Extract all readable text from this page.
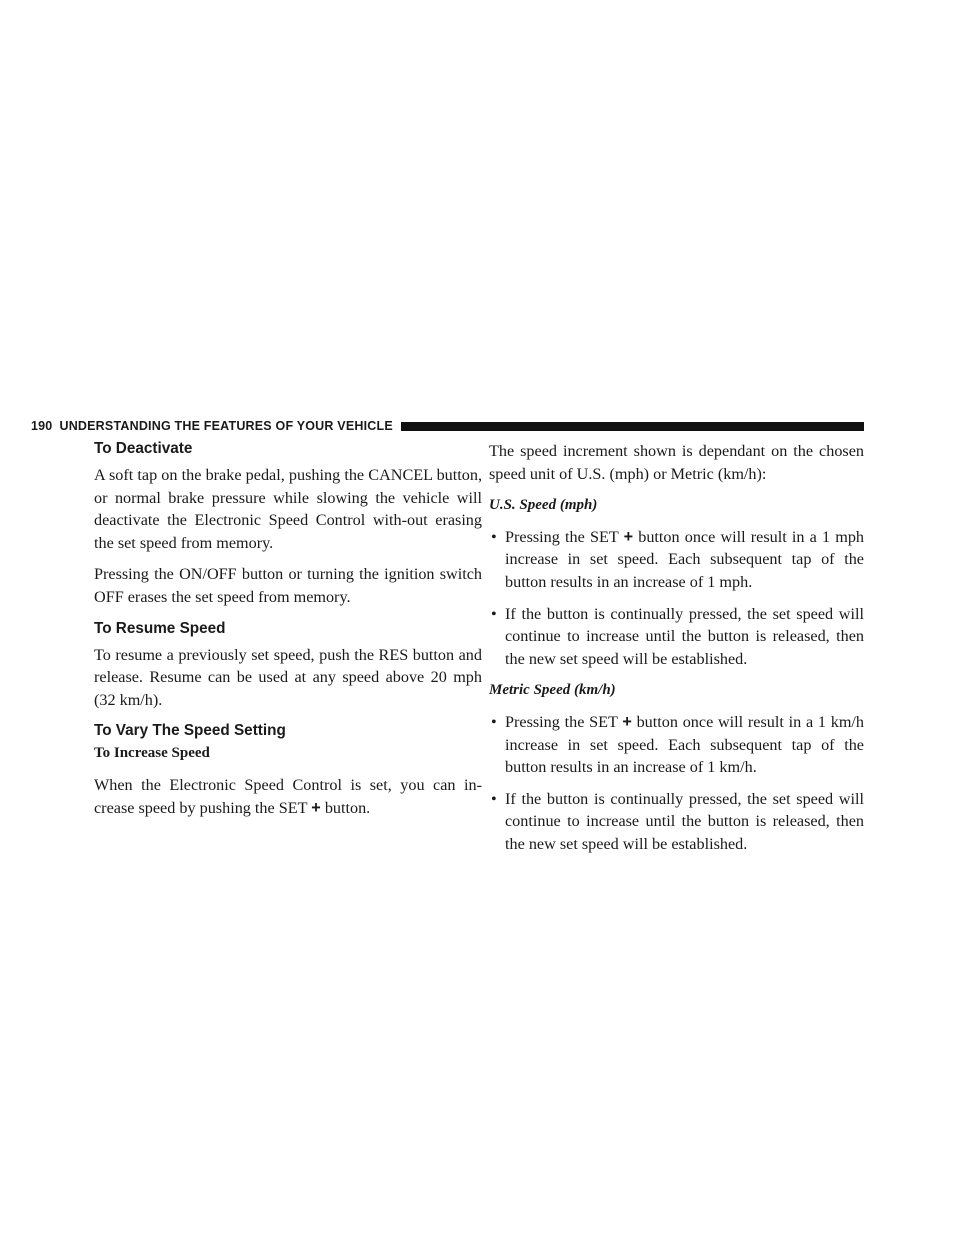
190 UNDERSTANDING THE FEATURES OF YOUR VEHICLE
To Deactivate

A soft tap on the brake pedal, pushing the CANCEL button, or normal brake pressure while slowing the vehicle will deactivate the Electronic Speed Control with-out erasing the set speed from memory.

Pressing the ON/OFF button or turning the ignition switch OFF erases the set speed from memory.

To Resume Speed

To resume a previously set speed, push the RES button and release. Resume can be used at any speed above 20 mph (32 km/h).

To Vary The Speed Setting
To Increase Speed

When the Electronic Speed Control is set, you can in-crease speed by pushing the SET + button.

The speed increment shown is dependant on the chosen speed unit of U.S. (mph) or Metric (km/h):

U.S. Speed (mph)
• Pressing the SET + button once will result in a 1 mph increase in set speed. Each subsequent tap of the button results in an increase of 1 mph.
• If the button is continually pressed, the set speed will continue to increase until the button is released, then the new set speed will be established.
Metric Speed (km/h)
• Pressing the SET + button once will result in a 1 km/h increase in set speed. Each subsequent tap of the button results in an increase of 1 km/h.
• If the button is continually pressed, the set speed will continue to increase until the button is released, then the new set speed will be established.
